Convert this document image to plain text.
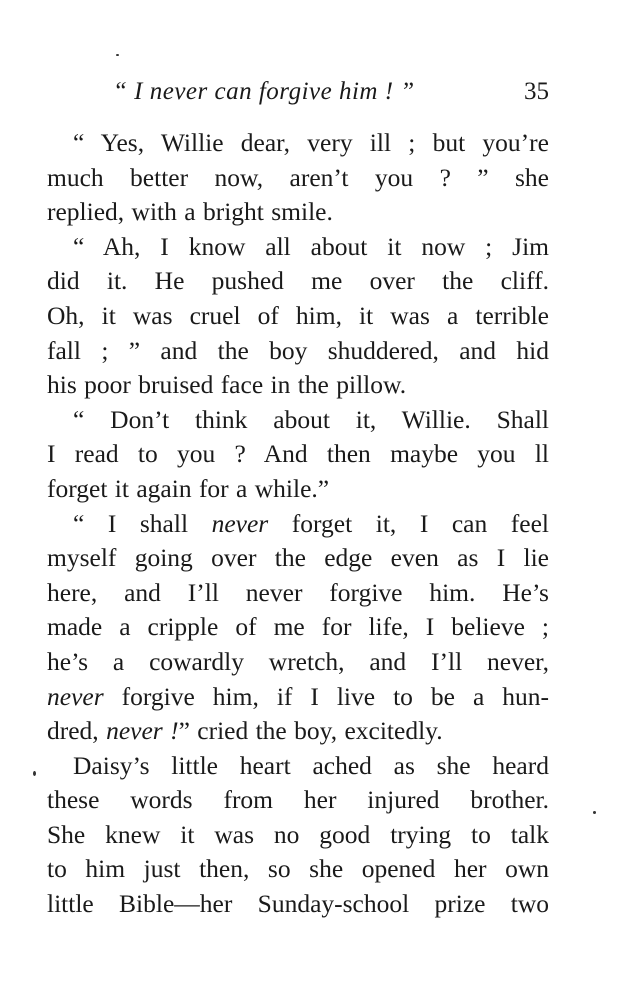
“ I never can forgive him ! ”	35
“ Yes, Willie dear, very ill ; but you’re
much better now, aren’t you ? ” she
replied, with a bright smile.
“ Ah, I know all about it now ; Jim
did it. He pushed me over the cliff.
Oh, it was cruel of him, it was a terrible
fall ; ” and the boy shuddered, and hid
his poor bruised face in the pillow.
“ Don’t think about it, Willie. Shall
I read to you ? And then maybe you ll
forget it again for a while.”
“ I shall never forget it, I can feel
myself going over the edge even as I lie
here, and I’ll never forgive him. He’s
made a cripple of me for life, I believe ;
he’s a cowardly wretch, and I’ll never,
never forgive him, if I live to be a hun-
dred, never !” cried the boy, excitedly.
Daisy’s little heart ached as she heard
these words from her injured brother.
She knew it was no good trying to talk
to him just then, so she opened her own
little Bible—her Sunday-school prize two
